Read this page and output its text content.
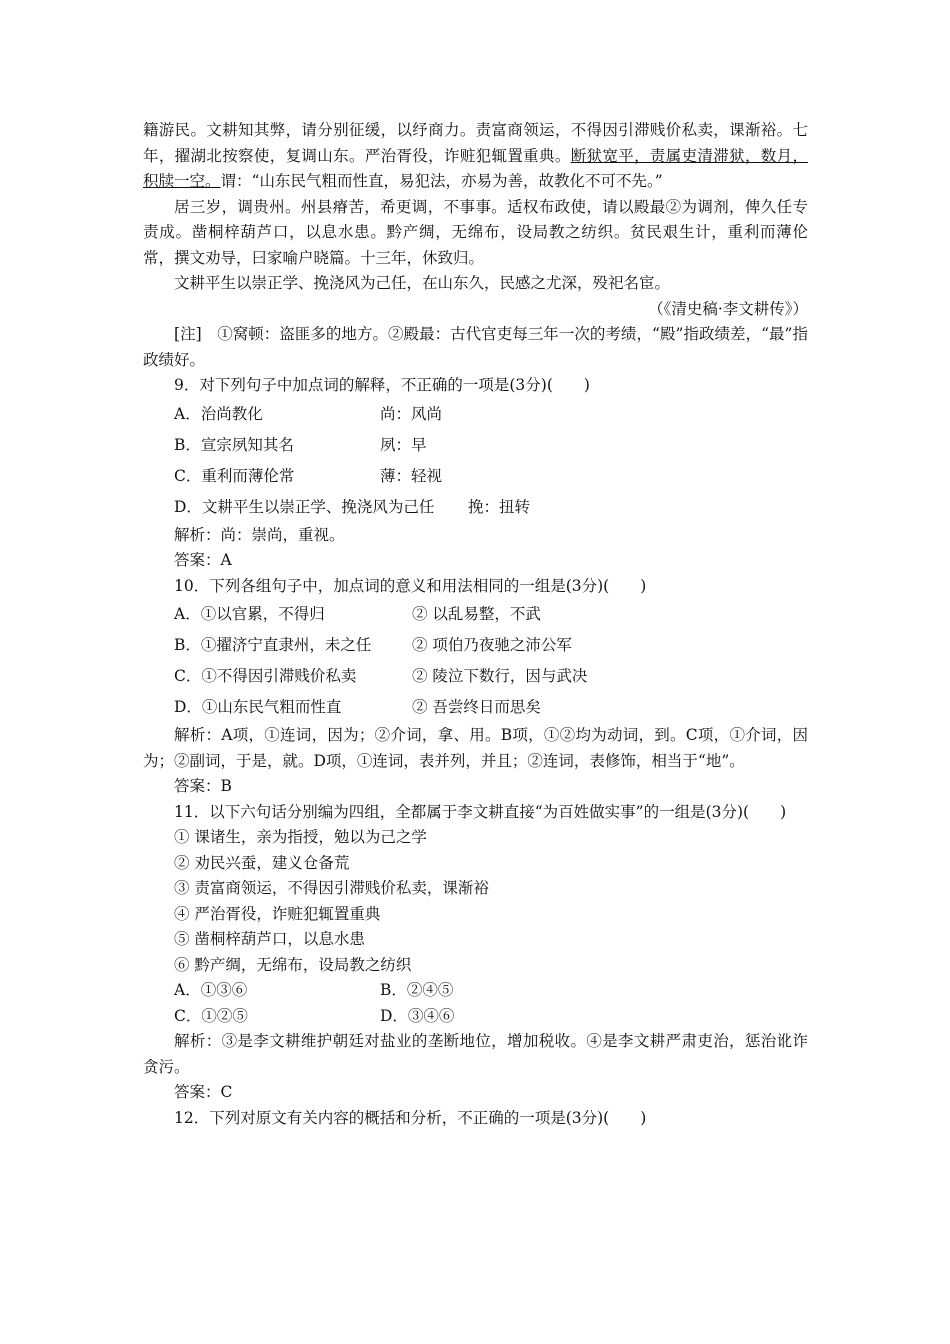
籍游民。文耕知其弊，请分别征缓，以纾商力。责富商领运，不得因引滞贱价私卖，课渐裕。七年，擢湖北按察使，复调山东。严治胥役，诈赃犯辄置重典。断狱宽平，责属吏清滞狱，数月，积牍一空。谓：“山东民气粗而性直，易犯法，亦易为善，故教化不可不先。”

居三岁，调贵州。州县瘠苦，希更调，不事事。适权布政使，请以殿最②为调剂，俾久任专责成。凿桐梓葫芦口，以息水患。黔产绸，无绵布，设局教之纺织。贫民艰生计，重利而薄伦常，撰文劝导，曰家喻户晓篇。十三年，休致归。

文耕平生以崇正学、挽浇风为己任，在山东久，民感之尤深，殁祀名宦。

（《清史稿·李文耕传》）

[注]　①窝顿：盗匪多的地方。②殿最：古代官吏每三年一次的考绩，“殿”指政绩差，“最”指政绩好。

9．对下列句子中加点词的解释，不正确的一项是(3分)(　　)

A．治尚教化	尚：风尚
B．宣宗夙知其名	夙：早
C．重利而薄伦常	薄：轻视
D．文耕平生以崇正学、挽浇风为己任	挽：扭转

解析：尚：崇尚，重视。

答案：A

10．下列各组句子中，加点词的意义和用法相同的一组是(3分)(　　)

A．①以官累，不得归	② 以乱易整，不武
B．①擢济宁直隶州，未之任	② 项伯乃夜驰之沛公军
C．①不得因引滞贱价私卖	② 陵泣下数行，因与武决
D．①山东民气粗而性直	② 吾尝终日而思矣

解析：A项，①连词，因为；②介词，拿、用。B项，①②均为动词，到。C项，①介词，因为；②副词，于是，就。D项，①连词，表并列，并且；②连词，表修饰，相当于“地”。

答案：B

11．以下六句话分别编为四组，全都属于李文耕直接“为百姓做实事”的一组是(3分)(　　)

① 课诸生，亲为指授，勉以为己之学

② 劝民兴蚕，建义仓备荒

③ 责富商领运，不得因引滞贱价私卖，课渐裕

④ 严治胥役，诈赃犯辄置重典

⑤ 凿桐梓葫芦口，以息水患

⑥ 黔产绸，无绵布，设局教之纺织

A．①③⑥	B．②④⑤
C．①②⑤	D．③④⑥

解析：③是李文耕维护朝廷对盐业的垄断地位，增加税收。④是李文耕严肃吏治，惩治讹诈贪污。

答案：C

12．下列对原文有关内容的概括和分析，不正确的一项是(3分)(　　)
